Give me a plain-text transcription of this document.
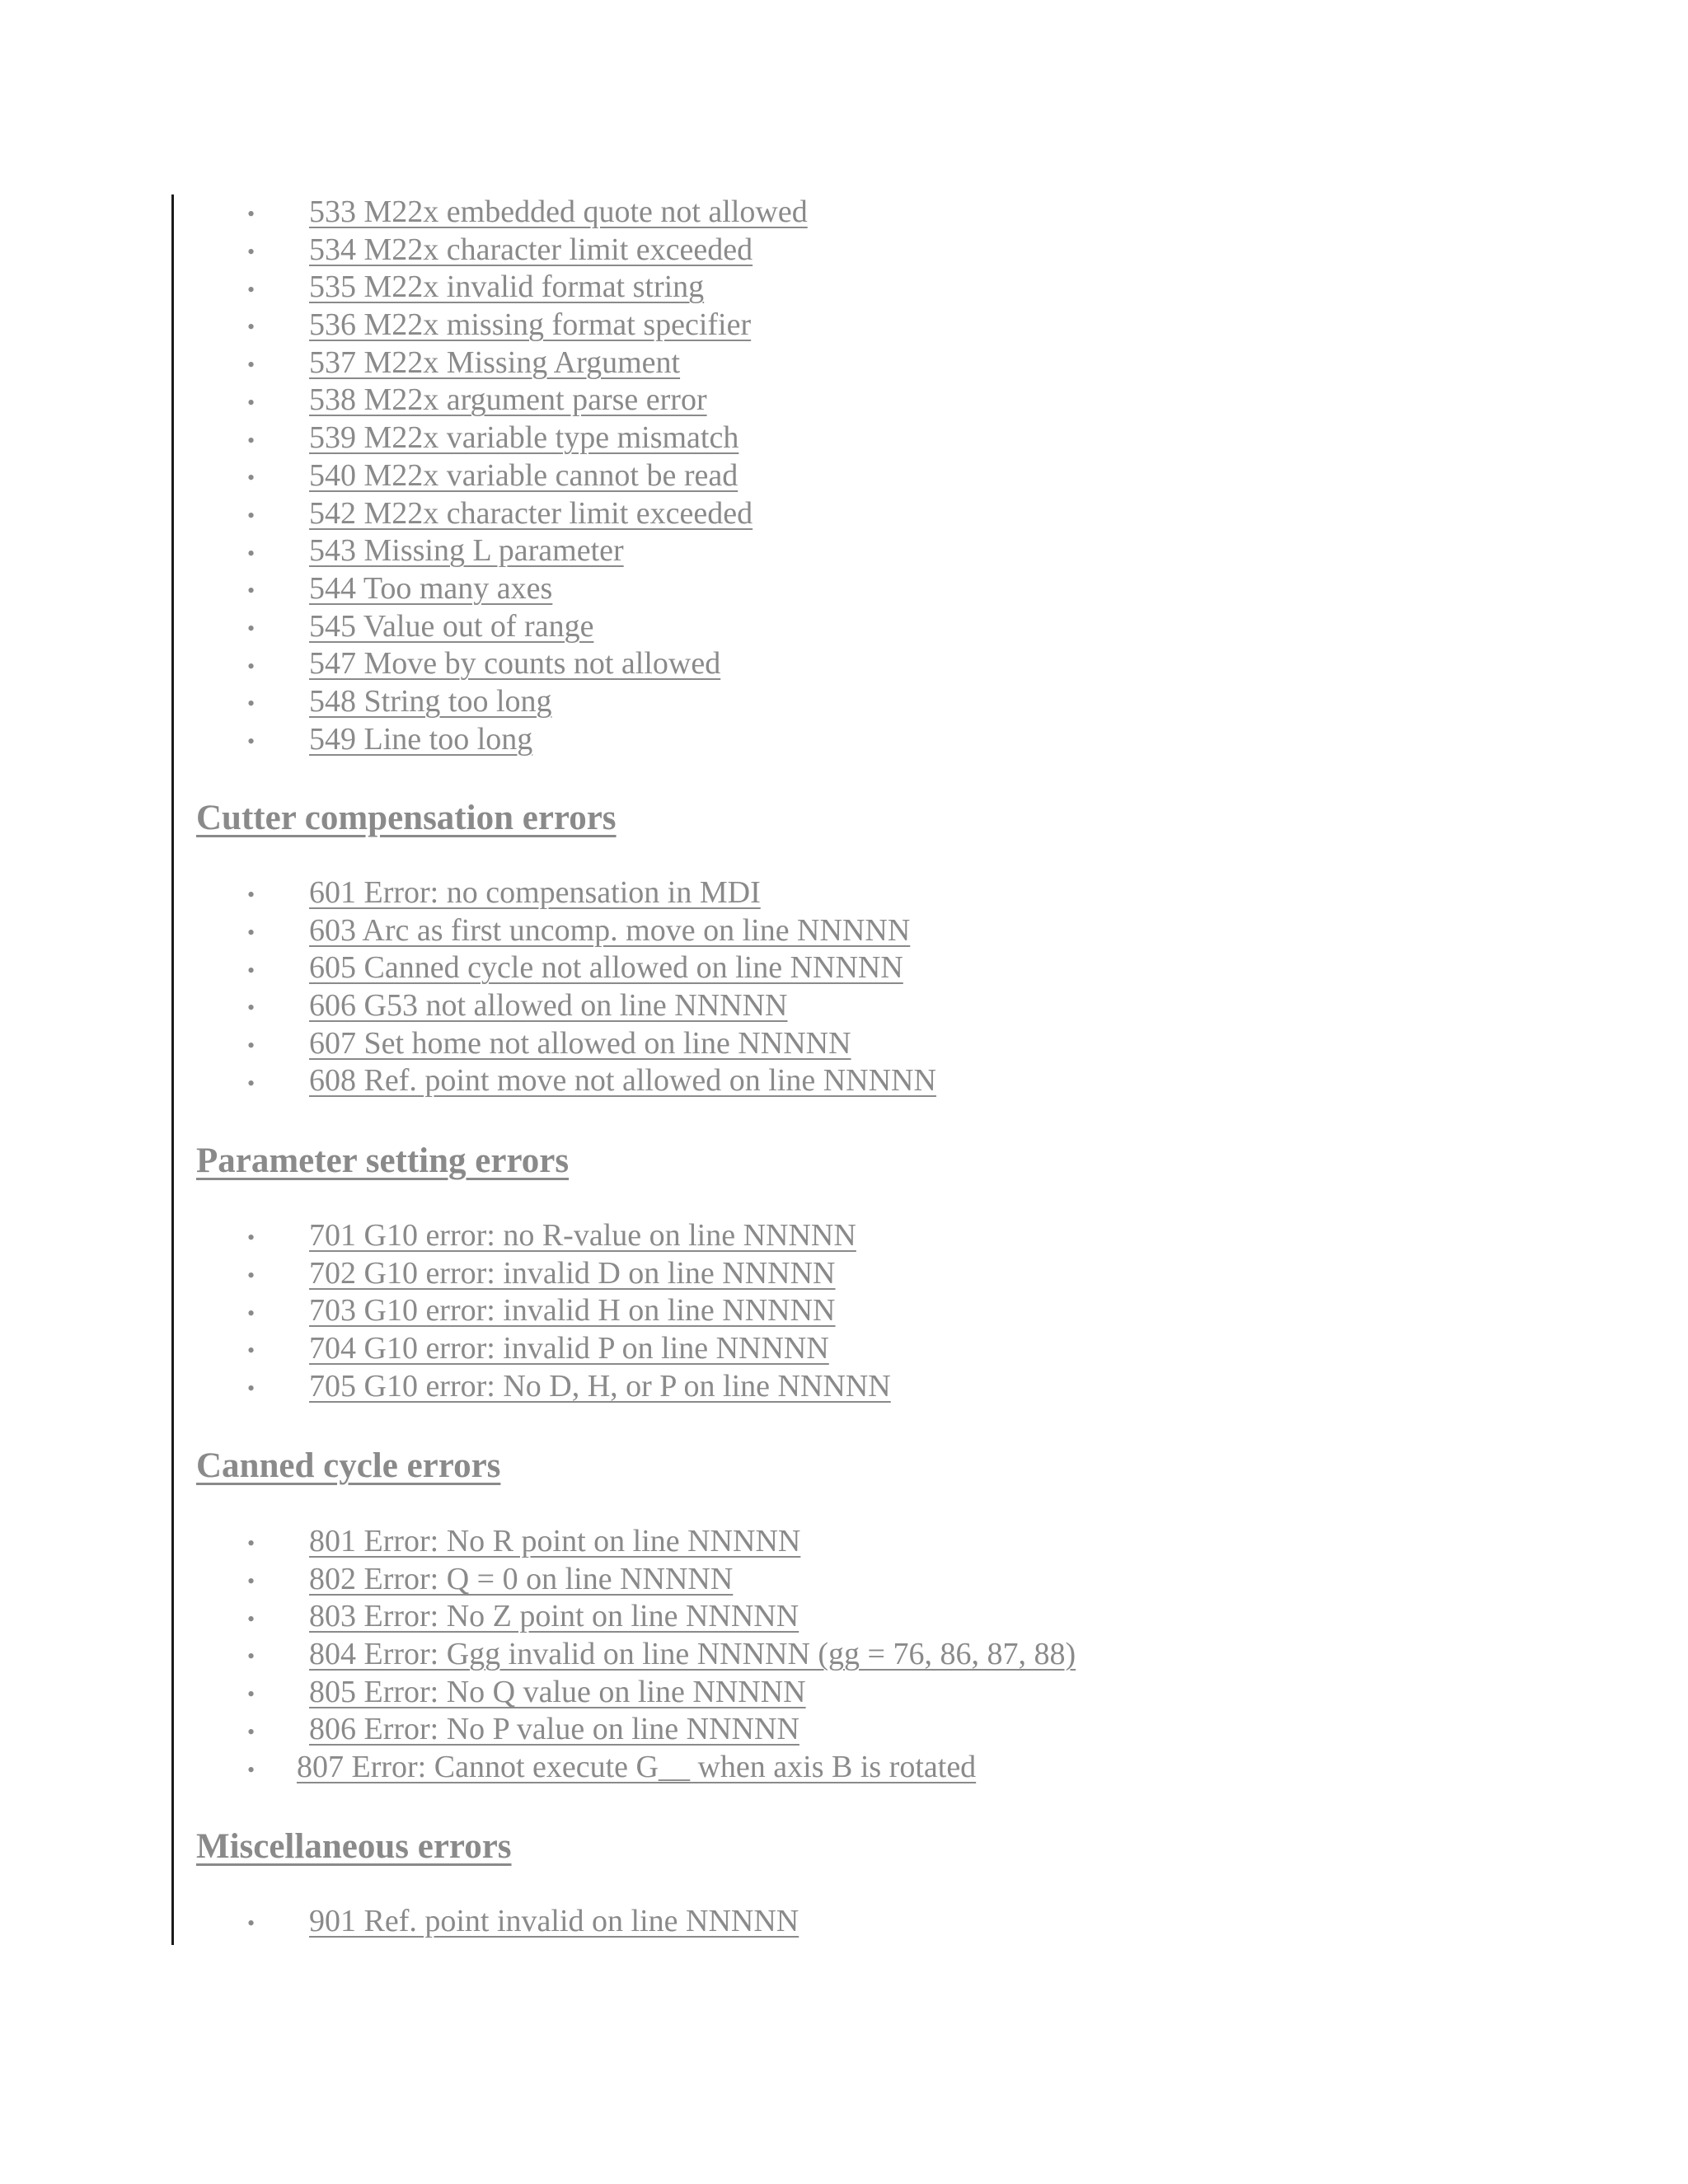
• 533 M22x embedded quote not allowed
• 534 M22x character limit exceeded
• 535 M22x invalid format string
• 536 M22x missing format specifier
• 537 M22x Missing Argument
• 538 M22x argument parse error
• 539 M22x variable type mismatch
• 540 M22x variable cannot be read
• 542 M22x character limit exceeded
• 543 Missing L parameter
• 544 Too many axes
• 545 Value out of range
• 547 Move by counts not allowed
• 548 String too long
• 549 Line too long
Cutter compensation errors
• 601 Error: no compensation in MDI
• 603 Arc as first uncomp. move on line NNNNN
• 605 Canned cycle not allowed on line NNNNN
• 606 G53 not allowed on line NNNNN
• 607 Set home not allowed on line NNNNN
• 608 Ref. point move not allowed on line NNNNN
Parameter setting errors
• 701 G10 error: no R-value on line NNNNN
• 702 G10 error: invalid D on line NNNNN
• 703 G10 error: invalid H on line NNNNN
• 704 G10 error: invalid P on line NNNNN
• 705 G10 error: No D, H, or P on line NNNNN
Canned cycle errors
• 801 Error: No R point on line NNNNN
• 802 Error: Q = 0 on line NNNNN
• 803 Error: No Z point on line NNNNN
• 804 Error: Ggg invalid on line NNNNN (gg = 76, 86, 87, 88)
• 805 Error: No Q value on line NNNNN
• 806 Error: No P value on line NNNNN
• 807 Error: Cannot execute G__ when axis B is rotated
Miscellaneous errors
• 901 Ref. point invalid on line NNNNN
